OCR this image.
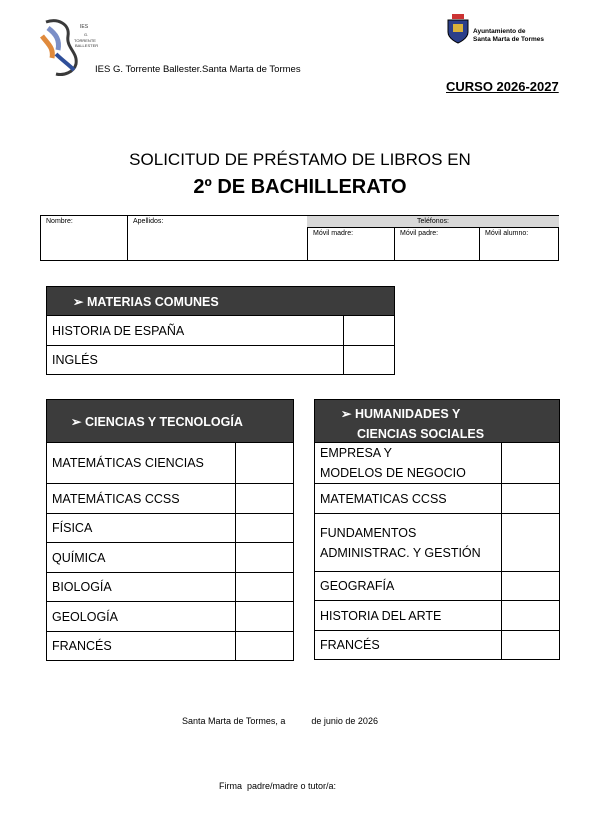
IES
G.
TORRENTE
BALLESTER
IES G. Torrente Ballester.Santa Marta de Tormes
Ayuntamiento de
Santa Marta de Tormes
CURSO 2026-2027
SOLICITUD DE PRÉSTAMO DE LIBROS EN
2º DE BACHILLERATO
Teléfonos:
Nombre:	Apellidos:
Móvil madre:	Móvil padre:	Móvil alumno:
➢ MATERIAS COMUNES
HISTORIA DE ESPAÑA	
INGLÉS	
➢ CIENCIAS Y TECNOLOGÍA
MATEMÁTICAS CIENCIAS	
MATEMÁTICAS CCSS	
FÍSICA	
QUÍMICA	
BIOLOGÍA	
GEOLOGÍA	
FRANCÉS	
➢ HUMANIDADES Y
CIENCIAS SOCIALES
EMPRESA Y
MODELOS DE NEGOCIO	

MATEMATICAS CCSS	

FUNDAMENTOS
ADMINISTRAC. Y GESTIÓN	

GEOGRAFÍA	
HISTORIA DEL ARTE	
FRANCÉS	
Santa Marta de Tormes, a	de junio de 2026
Firma  padre/madre o tutor/a:
